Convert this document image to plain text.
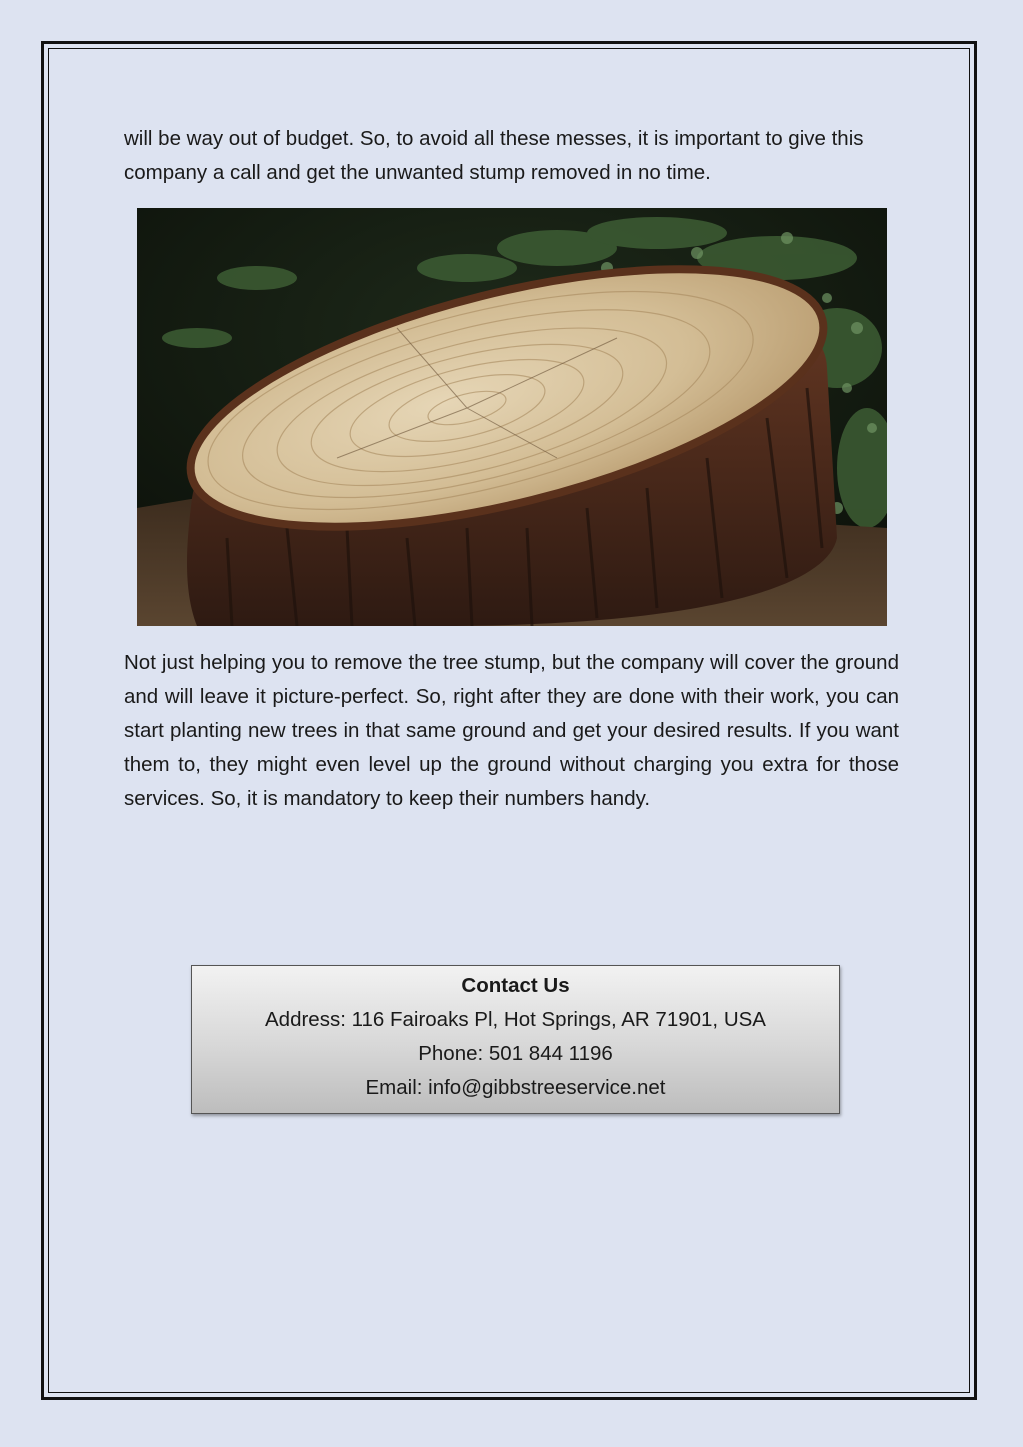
will be way out of budget. So, to avoid all these messes, it is important to give this company a call and get the unwanted stump removed in no time.

Not just helping you to remove the tree stump, but the company will cover the ground and will leave it picture-perfect. So, right after they are done with their work, you can start planting new trees in that same ground and get your desired results. If you want them to, they might even level up the ground without charging you extra for those services. So, it is mandatory to keep their numbers handy.

Contact Us
Address: 116 Fairoaks Pl, Hot Springs, AR 71901, USA
Phone: 501 844 1196
Email: info@gibbstreeservice.net
